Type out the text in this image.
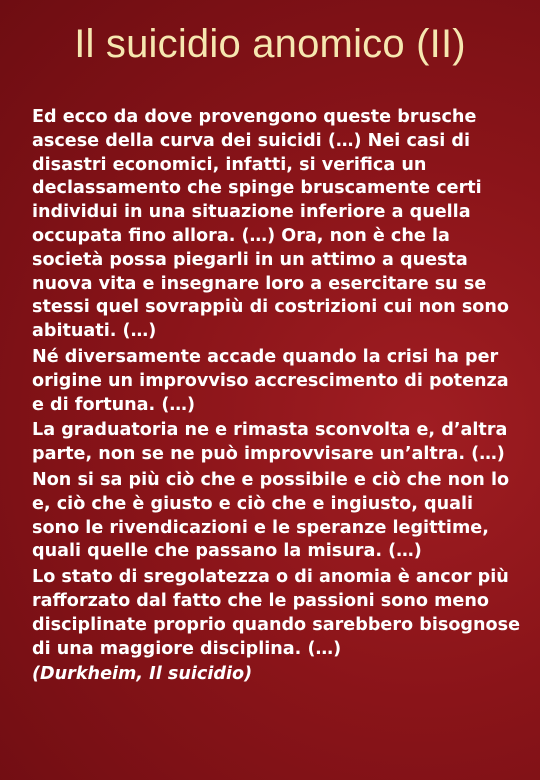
Il suicidio anomico (II)

Ed ecco da dove provengono queste brusche ascese della curva dei suicidi (…) Nei casi di disastri economici, infatti, si verifica un declassamento che spinge bruscamente certi individui in una situazione inferiore a quella occupata fino allora. (…) Ora, non è che la società possa piegarli in un attimo a questa nuova vita e insegnare loro a esercitare su se stessi quel sovrappiù di costrizioni cui non sono abituati. (…)

Né diversamente accade quando la crisi ha per origine un improvviso accrescimento di potenza e di fortuna. (…)

La graduatoria ne e rimasta sconvolta e, d’altra parte, non se ne può improvvisare un’altra. (…)

Non si sa più ciò che e possibile e ciò che non lo e, ciò che è giusto e ciò che e ingiusto, quali sono le rivendicazioni e le speranze legittime, quali quelle che passano la misura. (…)

Lo stato di sregolatezza o di anomia è ancor più rafforzato dal fatto che le passioni sono meno disciplinate proprio quando sarebbero bisognose di una maggiore disciplina. (…)

(Durkheim, Il suicidio)
